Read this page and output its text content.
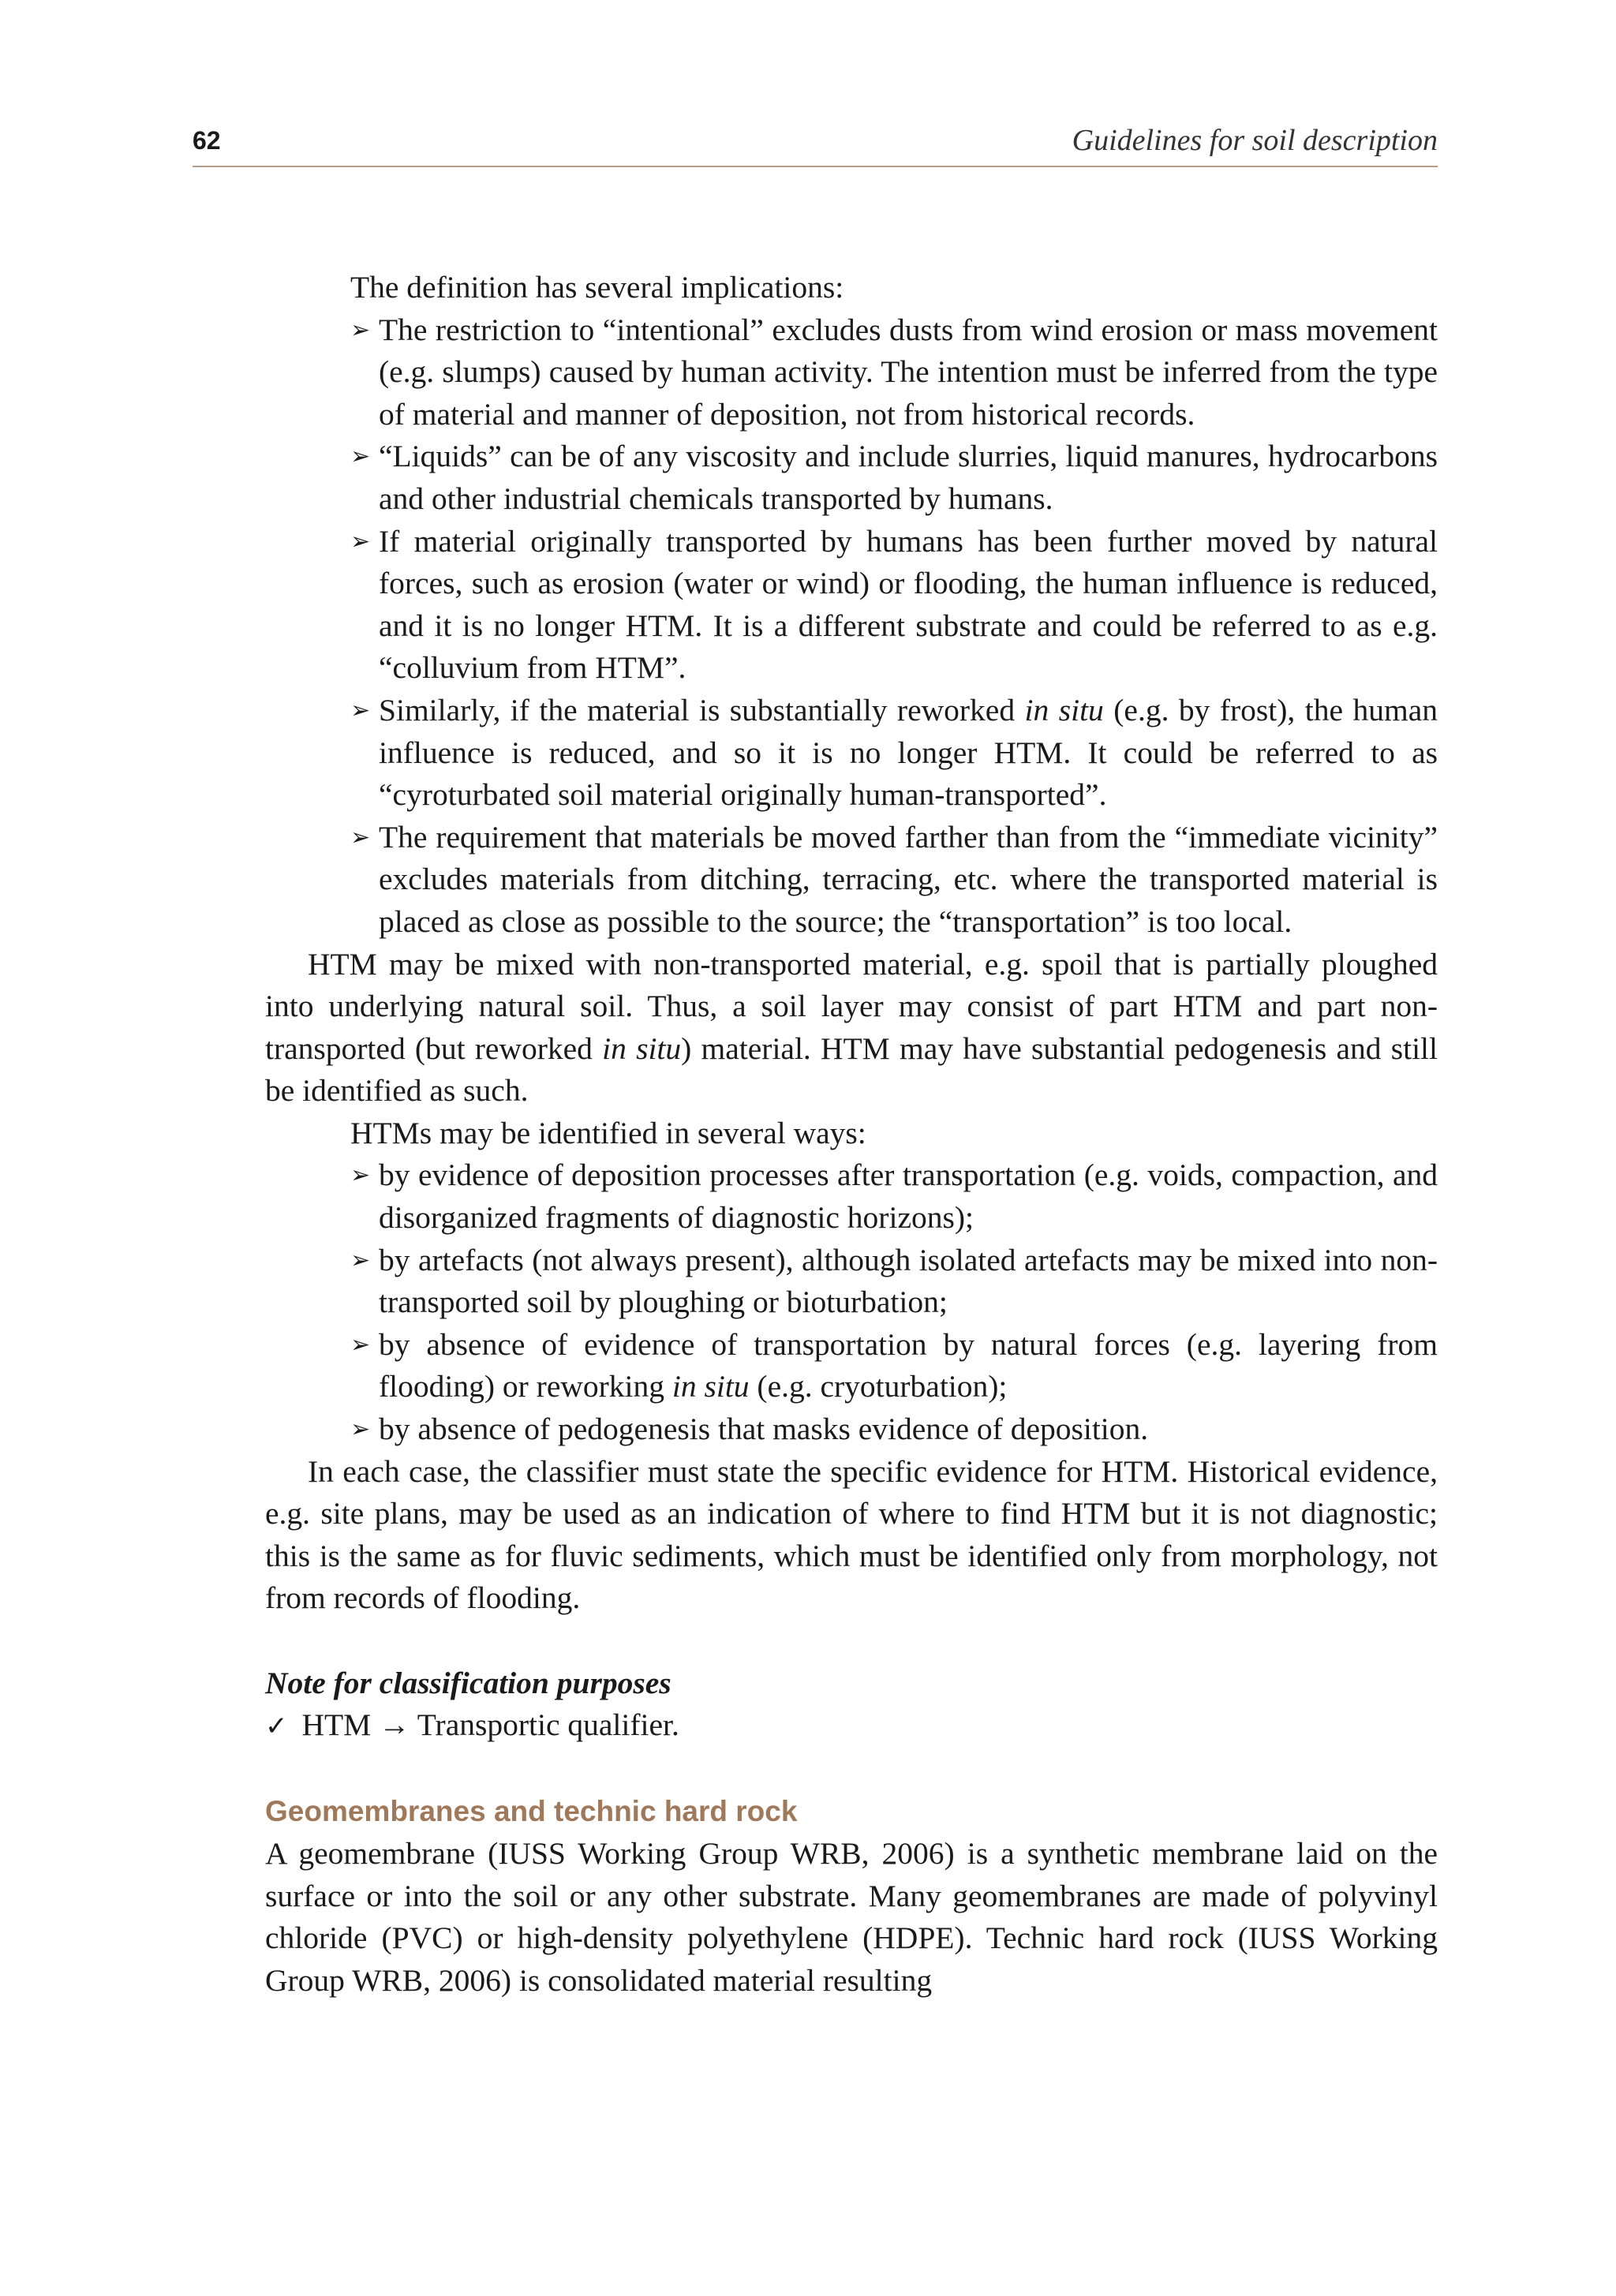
62	Guidelines for soil description

The definition has several implications:

➢ The restriction to “intentional” excludes dusts from wind erosion or mass movement (e.g. slumps) caused by human activity. The intention must be inferred from the type of material and manner of deposition, not from historical records.
➢ “Liquids” can be of any viscosity and include slurries, liquid manures, hydrocarbons and other industrial chemicals transported by humans.
➢ If material originally transported by humans has been further moved by natural forces, such as erosion (water or wind) or flooding, the human influence is reduced, and it is no longer HTM. It is a different substrate and could be referred to as e.g. “colluvium from HTM”.
➢ Similarly, if the material is substantially reworked in situ (e.g. by frost), the human influence is reduced, and so it is no longer HTM. It could be referred to as “cyroturbated soil material originally human-transported”.
➢ The requirement that materials be moved farther than from the “immediate vicinity” excludes materials from ditching, terracing, etc. where the transported material is placed as close as possible to the source; the “transportation” is too local.

HTM may be mixed with non-transported material, e.g. spoil that is partially ploughed into underlying natural soil. Thus, a soil layer may consist of part HTM and part non-transported (but reworked in situ) material. HTM may have substantial pedogenesis and still be identified as such.

HTMs may be identified in several ways:

➢ by evidence of deposition processes after transportation (e.g. voids, compaction, and disorganized fragments of diagnostic horizons);
➢ by artefacts (not always present), although isolated artefacts may be mixed into non-transported soil by ploughing or bioturbation;
➢ by absence of evidence of transportation by natural forces (e.g. layering from flooding) or reworking in situ (e.g. cryoturbation);
➢ by absence of pedogenesis that masks evidence of deposition.

In each case, the classifier must state the specific evidence for HTM. Historical evidence, e.g. site plans, may be used as an indication of where to find HTM but it is not diagnostic; this is the same as for fluvic sediments, which must be identified only from morphology, not from records of flooding.

Note for classification purposes

✓ HTM → Transportic qualifier.

Geomembranes and technic hard rock

A geomembrane (IUSS Working Group WRB, 2006) is a synthetic membrane laid on the surface or into the soil or any other substrate. Many geomembranes are made of polyvinyl chloride (PVC) or high-density polyethylene (HDPE). Technic hard rock (IUSS Working Group WRB, 2006) is consolidated material resulting
